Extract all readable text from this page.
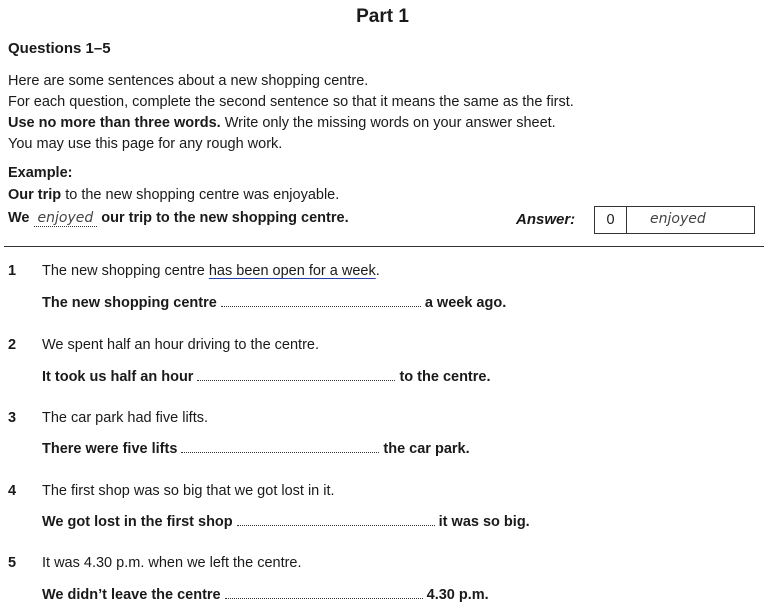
Part 1
Questions 1–5
Here are some sentences about a new shopping centre.
For each question, complete the second sentence so that it means the same as the first.
Use no more than three words. Write only the missing words on your answer sheet.
You may use this page for any rough work.
Example:
Our trip to the new shopping centre was enjoyable.
We enjoyed our trip to the new shopping centre.	Answer:	0	enjoyed
1 The new shopping centre has been open for a week.
The new shopping centre	a week ago.
2 We spent half an hour driving to the centre.
It took us half an hour	to the centre.
3 The car park had five lifts.
There were five lifts	the car park.
4 The first shop was so big that we got lost in it.
We got lost in the first shop	it was so big.
5 It was 4.30 p.m. when we left the centre.
We didn’t leave the centre	4.30 p.m.
